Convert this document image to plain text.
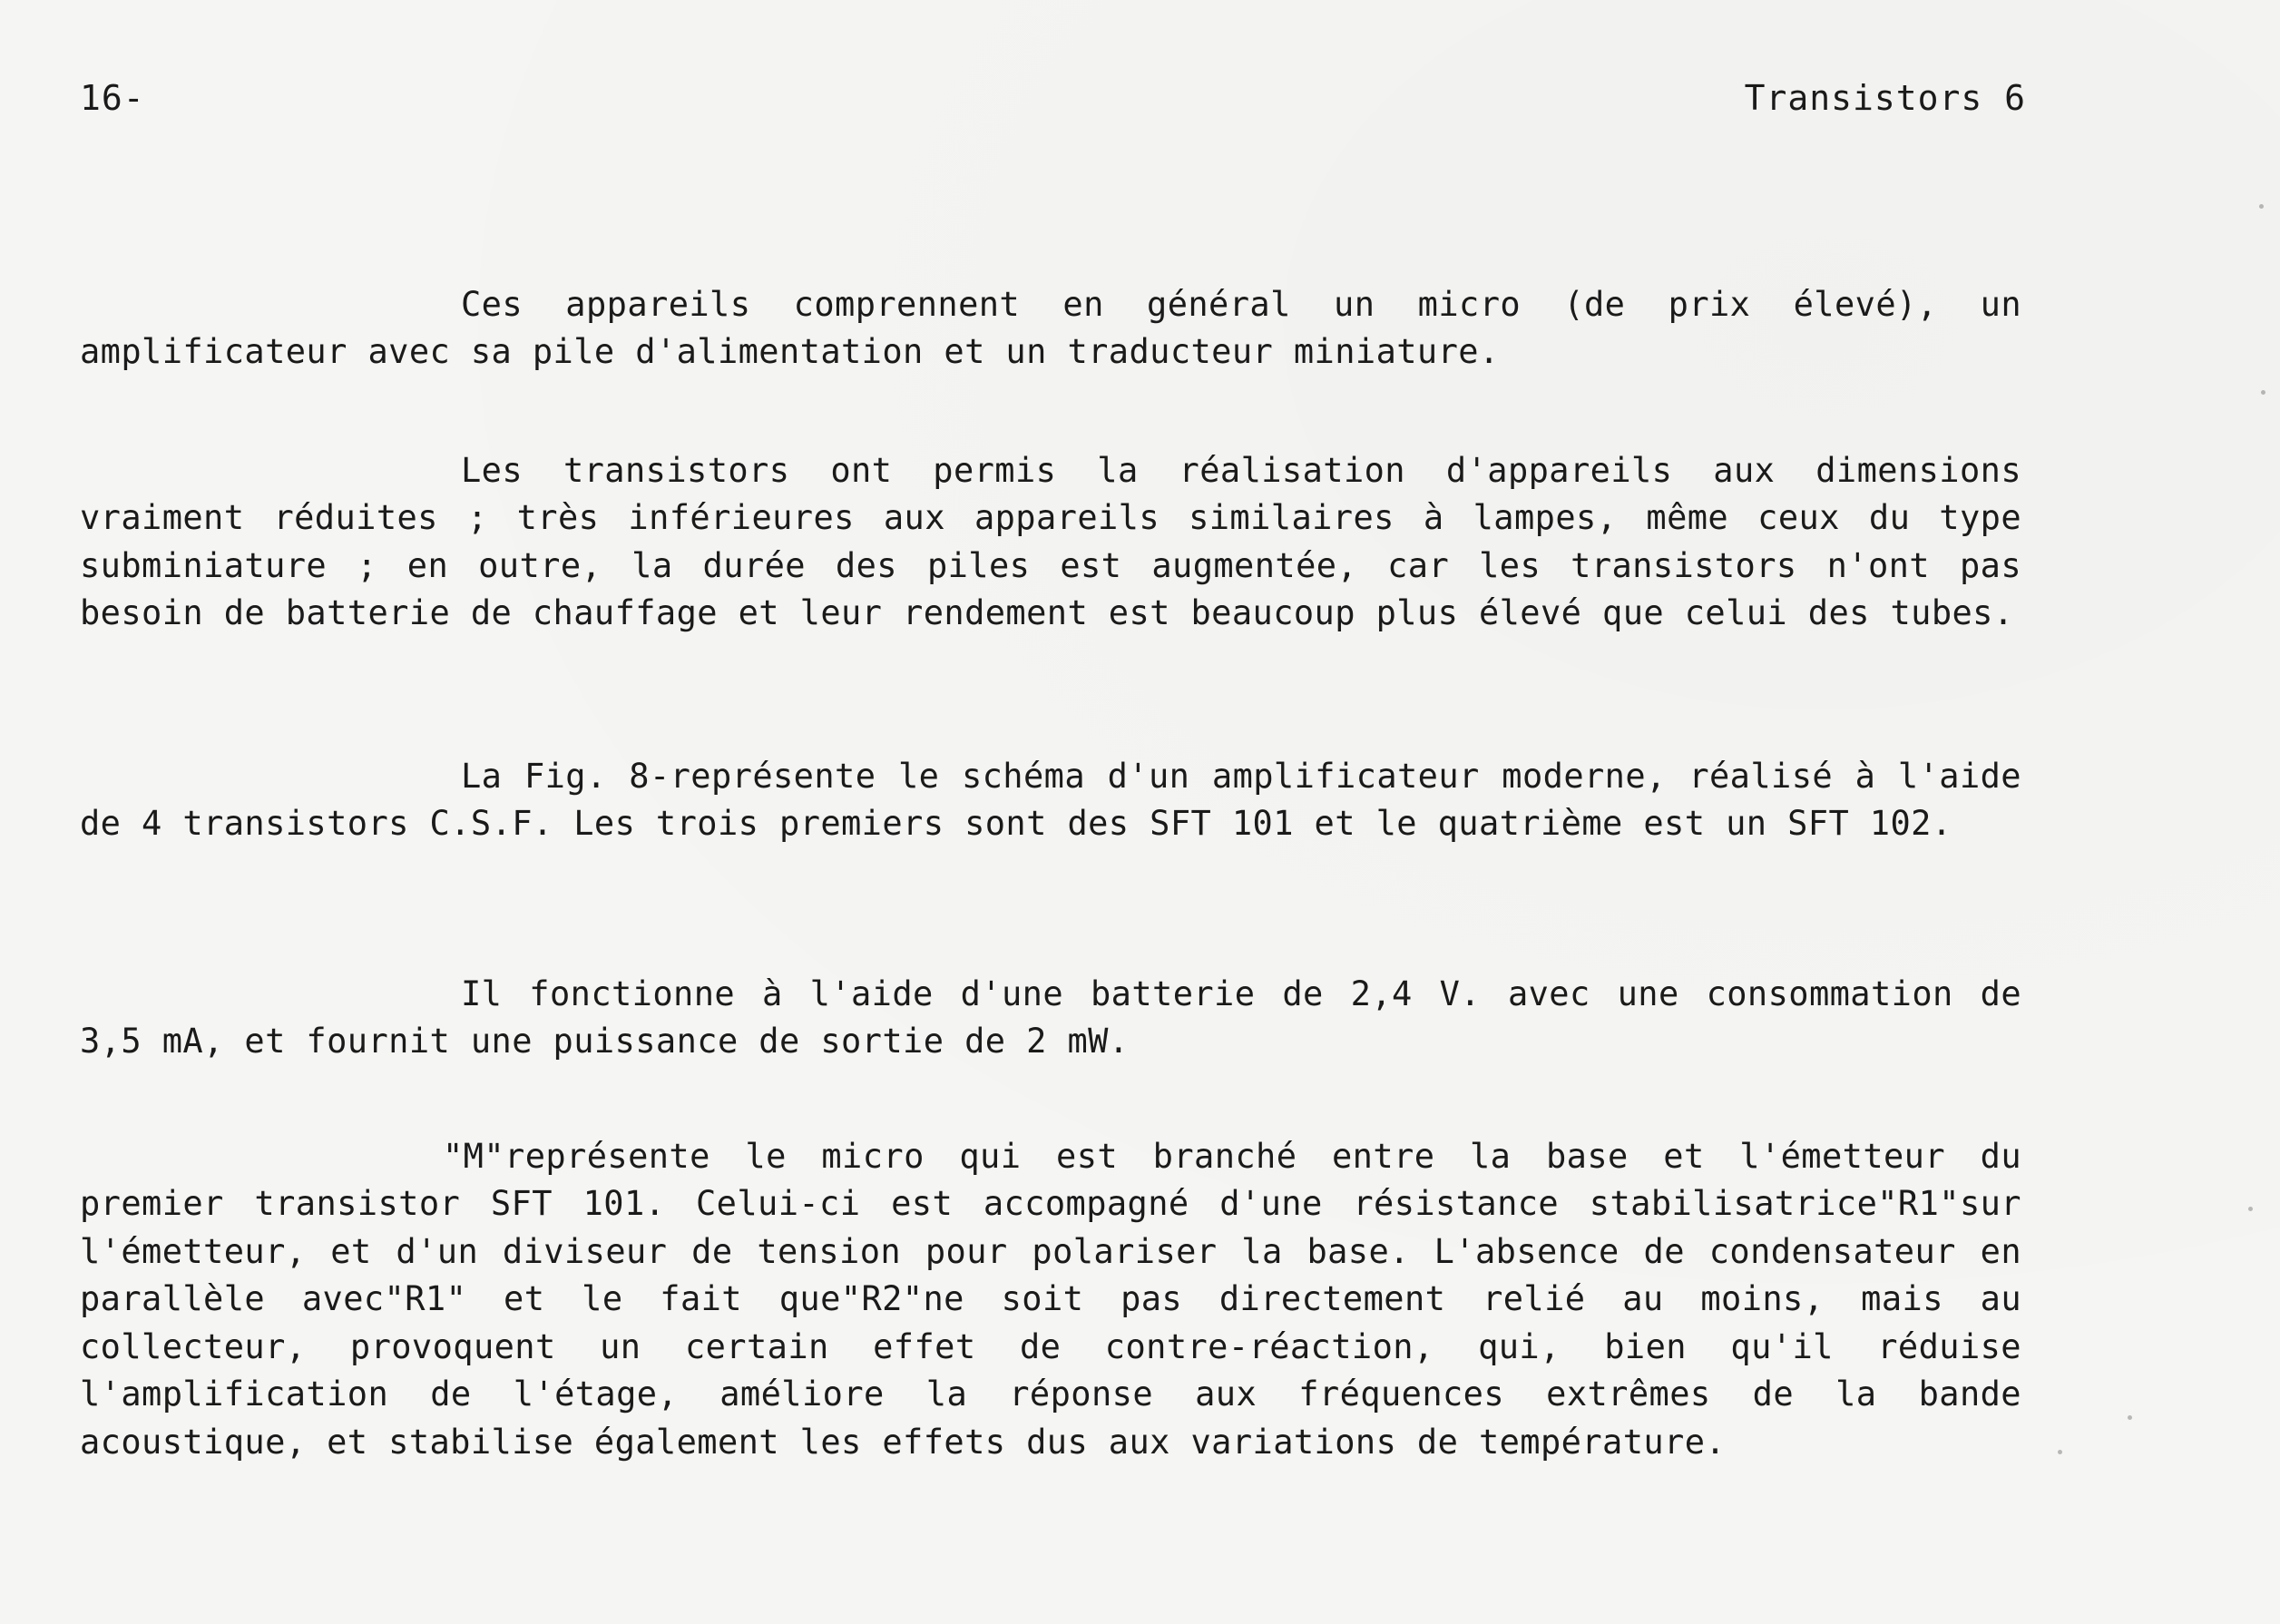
16-	Transistors 6

Ces appareils comprennent en général un micro (de prix élevé), un amplificateur avec sa pile d'alimentation et un traducteur miniature.

Les transistors ont permis la réalisation d'appareils aux dimensions vraiment réduites ; très inférieures aux appareils similaires à lampes, même ceux du type subminiature ; en outre, la durée des piles est augmentée, car les transistors n'ont pas besoin de batterie de chauffage et leur rendement est beaucoup plus élevé que celui des tubes.

La Fig. 8-représente le schéma d'un amplificateur moderne, réalisé à l'aide de 4 transistors C.S.F. Les trois premiers sont des SFT 101 et le quatrième est un SFT 102.

Il fonctionne à l'aide d'une batterie de 2,4 V. avec une consommation de 3,5 mA, et fournit une puissance de sortie de 2 mW.

"M"représente le micro qui est branché entre la base et l'émetteur du premier transistor SFT 101. Celui-ci est accompagné d'une résistance stabilisatrice"R1"sur l'émetteur, et d'un diviseur de tension pour polariser la base. L'absence de condensateur en parallèle avec"R1" et le fait que"R2"ne soit pas directement relié au moins, mais au collecteur, provoquent un certain effet de contre-réaction, qui, bien qu'il réduise l'amplification de l'étage, améliore la réponse aux fréquences extrêmes de la bande acoustique, et stabilise également les effets dus aux variations de température.
